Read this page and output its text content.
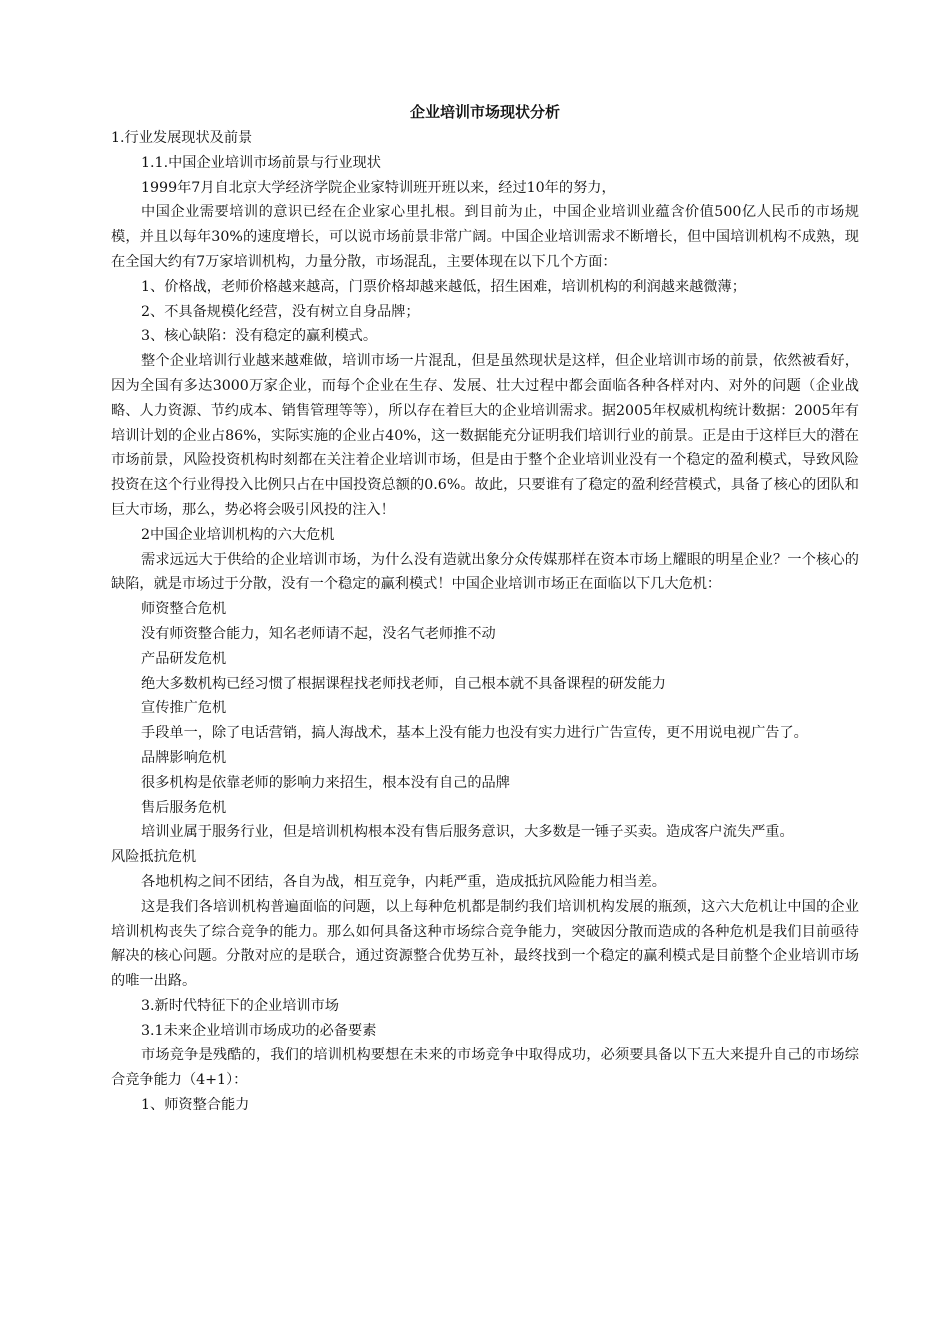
企业培训市场现状分析

1.行业发展现状及前景

1.1.中国企业培训市场前景与行业现状

1999年7月自北京大学经济学院企业家特训班开班以来，经过10年的努力，

中国企业需要培训的意识已经在企业家心里扎根。到目前为止，中国企业培训业蕴含价值500亿人民币的市场规模，并且以每年30%的速度增长，可以说市场前景非常广阔。中国企业培训需求不断增长，但中国培训机构不成熟，现在全国大约有7万家培训机构，力量分散，市场混乱，主要体现在以下几个方面：

1、价格战，老师价格越来越高，门票价格却越来越低，招生困难，培训机构的利润越来越微薄；

2、不具备规模化经营，没有树立自身品牌；

3、核心缺陷：没有稳定的赢利模式。

整个企业培训行业越来越难做，培训市场一片混乱，但是虽然现状是这样，但企业培训市场的前景，依然被看好，因为全国有多达3000万家企业，而每个企业在生存、发展、壮大过程中都会面临各种各样对内、对外的问题（企业战略、人力资源、节约成本、销售管理等等），所以存在着巨大的企业培训需求。据2005年权威机构统计数据：2005年有培训计划的企业占86%，实际实施的企业占40%，这一数据能充分证明我们培训行业的前景。正是由于这样巨大的潜在市场前景，风险投资机构时刻都在关注着企业培训市场，但是由于整个企业培训业没有一个稳定的盈利模式，导致风险投资在这个行业得投入比例只占在中国投资总额的0.6%。故此，只要谁有了稳定的盈利经营模式，具备了核心的团队和巨大市场，那么，势必将会吸引风投的注入！

2中国企业培训机构的六大危机

需求远远大于供给的企业培训市场，为什么没有造就出象分众传媒那样在资本市场上耀眼的明星企业？一个核心的缺陷，就是市场过于分散，没有一个稳定的赢利模式！中国企业培训市场正在面临以下几大危机：

师资整合危机

没有师资整合能力，知名老师请不起，没名气老师推不动

产品研发危机

绝大多数机构已经习惯了根据课程找老师找老师，自己根本就不具备课程的研发能力

宣传推广危机

手段单一，除了电话营销，搞人海战术，基本上没有能力也没有实力进行广告宣传，更不用说电视广告了。

品牌影响危机

很多机构是依靠老师的影响力来招生，根本没有自己的品牌

售后服务危机

培训业属于服务行业，但是培训机构根本没有售后服务意识，大多数是一锤子买卖。造成客户流失严重。

风险抵抗危机

各地机构之间不团结，各自为战，相互竞争，内耗严重，造成抵抗风险能力相当差。

这是我们各培训机构普遍面临的问题，以上每种危机都是制约我们培训机构发展的瓶颈，这六大危机让中国的企业培训机构丧失了综合竞争的能力。那么如何具备这种市场综合竞争能力，突破因分散而造成的各种危机是我们目前亟待解决的核心问题。分散对应的是联合，通过资源整合优势互补，最终找到一个稳定的赢利模式是目前整个企业培训市场的唯一出路。

3.新时代特征下的企业培训市场

3.1未来企业培训市场成功的必备要素

市场竞争是残酷的，我们的培训机构要想在未来的市场竞争中取得成功，必须要具备以下五大来提升自己的市场综合竞争能力（4+1）：

1、师资整合能力
